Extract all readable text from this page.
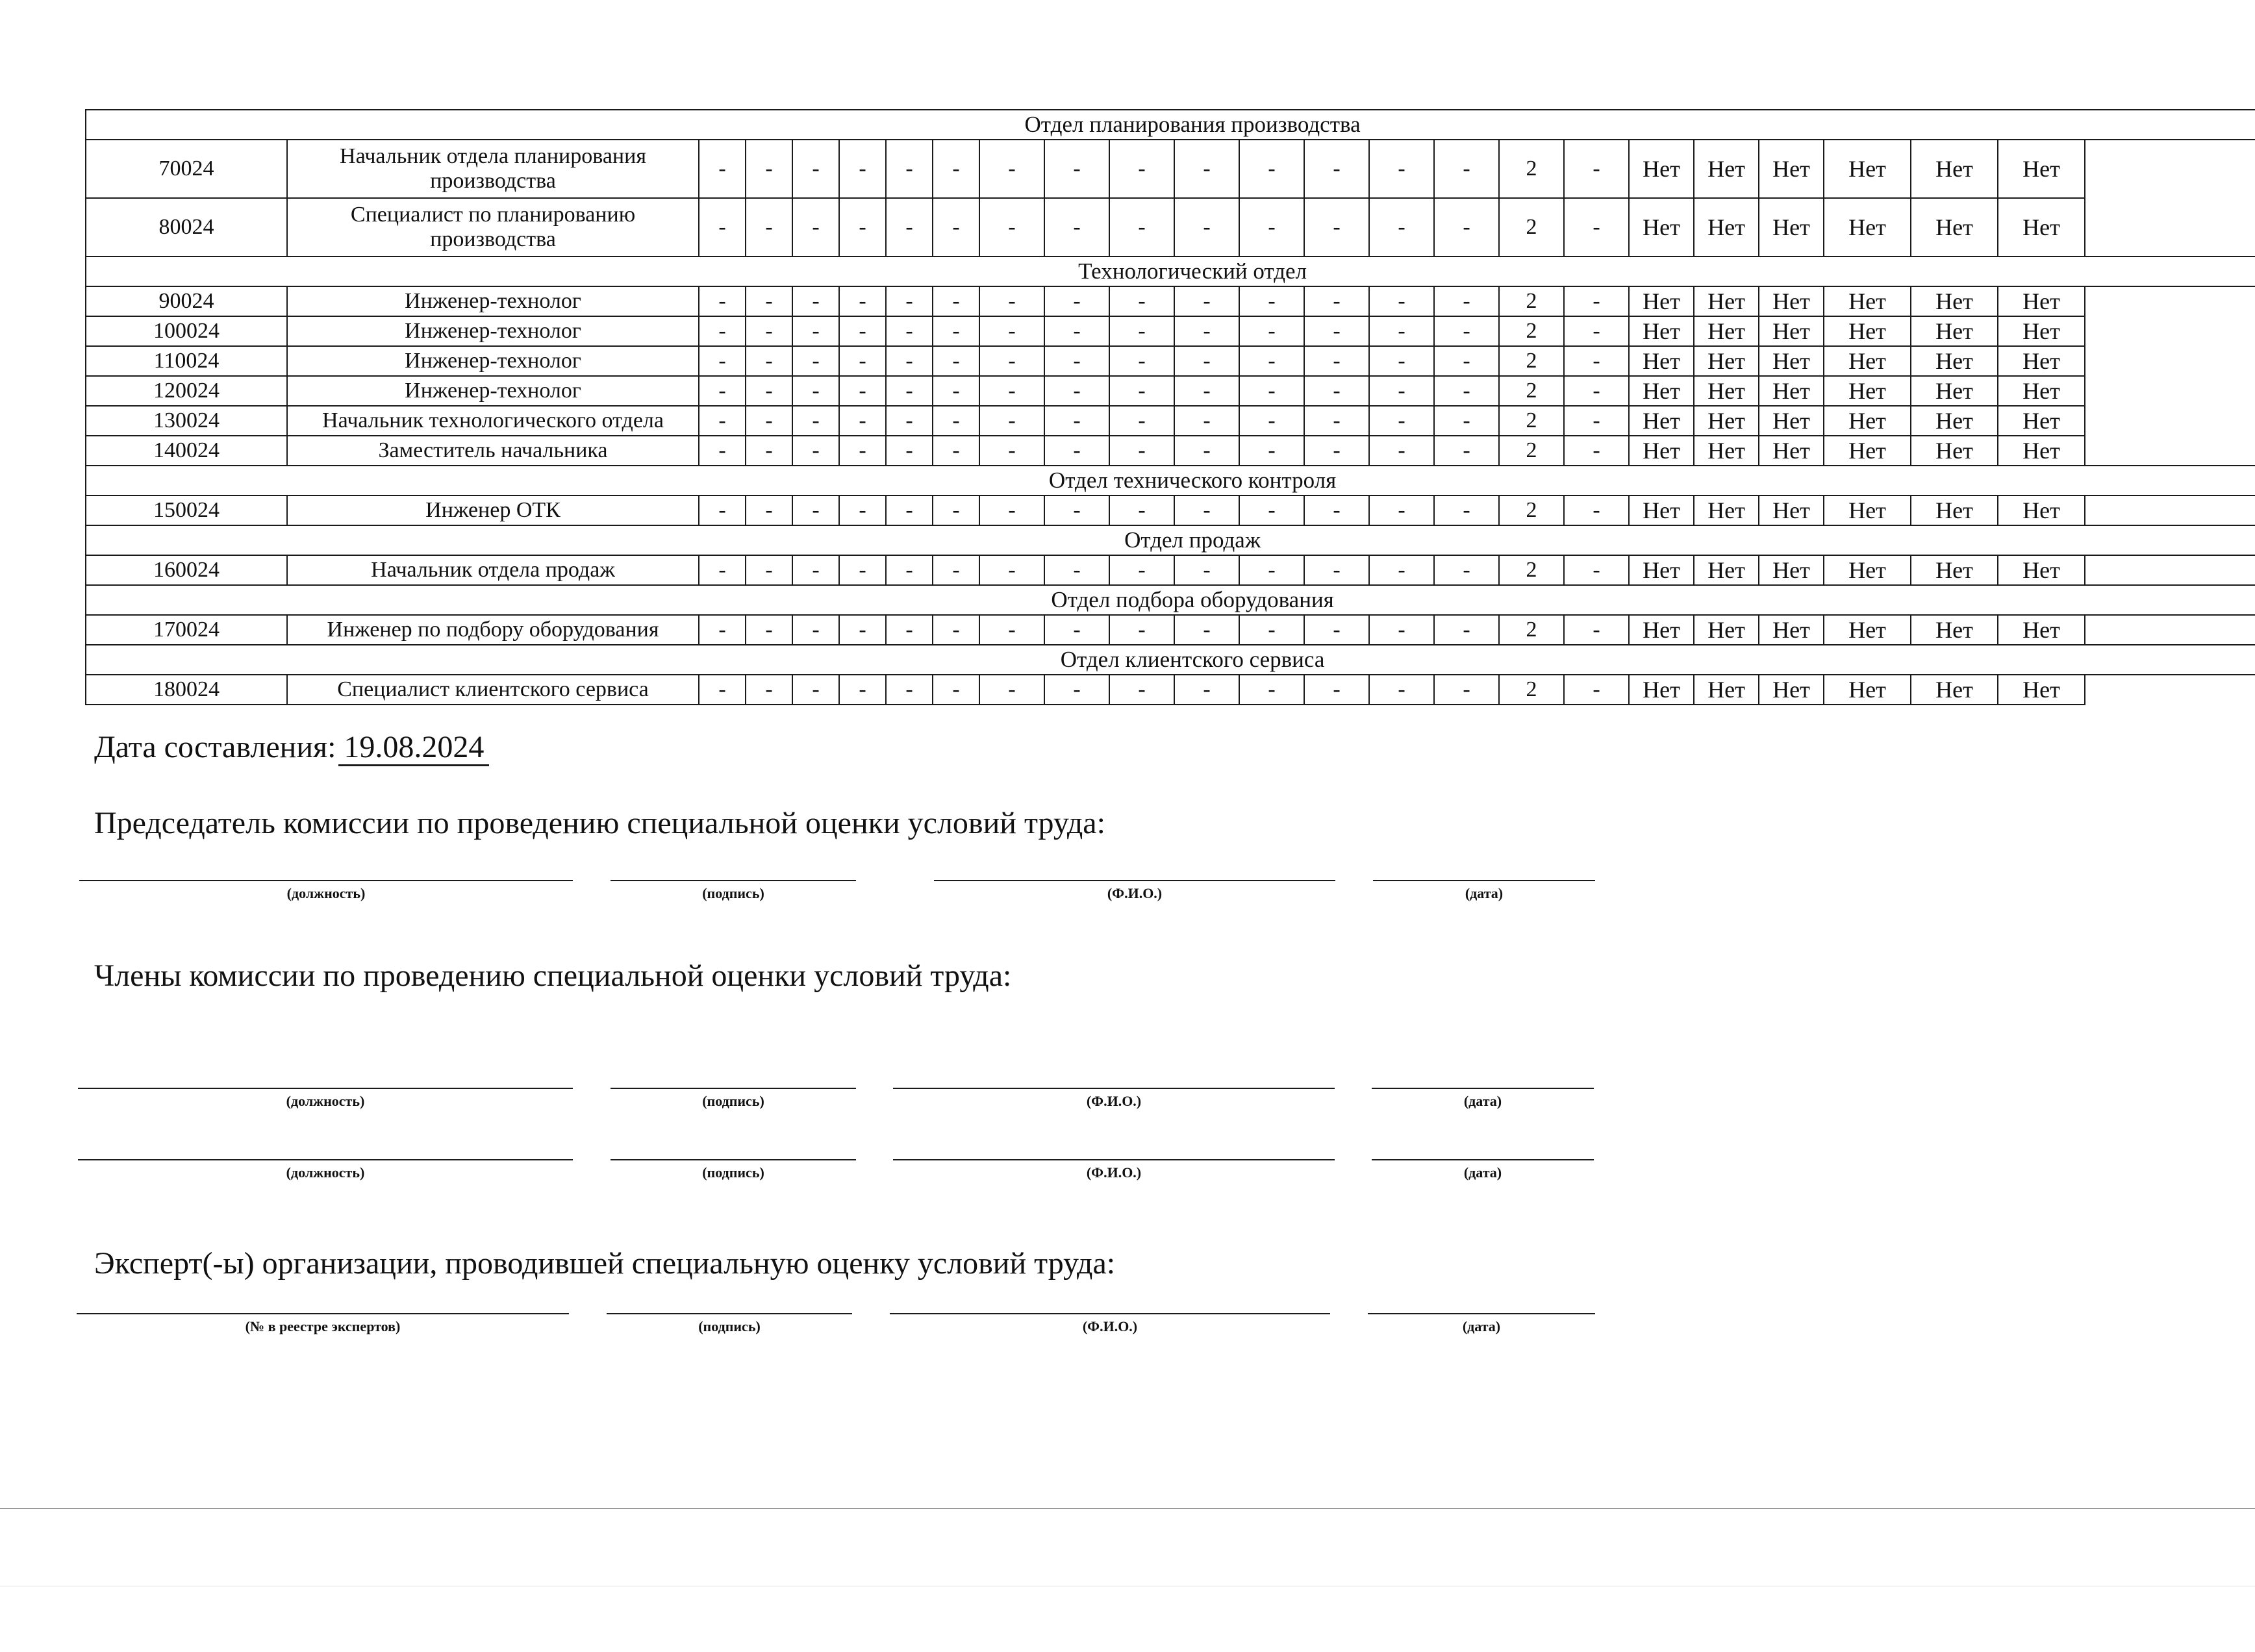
Отдел планирования производства																							
70024	Начальник отдела планирования производства	-	-	-	-	-	-	-	-	-	-	-	-	-	-	2	-	Нет	Нет	Нет	Нет	Нет	Нет
80024	Специалист по планированию производства	-	-	-	-	-	-	-	-	-	-	-	-	-	-	2	-	Нет	Нет	Нет	Нет	Нет	Нет
Технологический отдел																							
90024	Инженер-технолог	-	-	-	-	-	-	-	-	-	-	-	-	-	-	2	-	Нет	Нет	Нет	Нет	Нет	Нет
100024	Инженер-технолог	-	-	-	-	-	-	-	-	-	-	-	-	-	-	2	-	Нет	Нет	Нет	Нет	Нет	Нет
110024	Инженер-технолог	-	-	-	-	-	-	-	-	-	-	-	-	-	-	2	-	Нет	Нет	Нет	Нет	Нет	Нет
120024	Инженер-технолог	-	-	-	-	-	-	-	-	-	-	-	-	-	-	2	-	Нет	Нет	Нет	Нет	Нет	Нет
130024	Начальник технологического отдела	-	-	-	-	-	-	-	-	-	-	-	-	-	-	2	-	Нет	Нет	Нет	Нет	Нет	Нет
140024	Заместитель начальника	-	-	-	-	-	-	-	-	-	-	-	-	-	-	2	-	Нет	Нет	Нет	Нет	Нет	Нет
Отдел технического контроля																							
150024	Инженер ОТК	-	-	-	-	-	-	-	-	-	-	-	-	-	-	2	-	Нет	Нет	Нет	Нет	Нет	Нет
Отдел продаж																							
160024	Начальник отдела продаж	-	-	-	-	-	-	-	-	-	-	-	-	-	-	2	-	Нет	Нет	Нет	Нет	Нет	Нет
Отдел подбора оборудования																							
170024	Инженер по подбору оборудования	-	-	-	-	-	-	-	-	-	-	-	-	-	-	2	-	Нет	Нет	Нет	Нет	Нет	Нет
Отдел клиентского сервиса																							
180024	Специалист клиентского сервиса	-	-	-	-	-	-	-	-	-	-	-	-	-	-	2	-	Нет	Нет	Нет	Нет	Нет	Нет
Дата составления: 19.08.2024
Председатель комиссии по проведению специальной оценки условий труда:
(должность)	(подпись)	(Ф.И.О.)	(дата)
Члены комиссии по проведению специальной оценки условий труда:
(должность)	(подпись)	(Ф.И.О.)	(дата)
(должность)	(подпись)	(Ф.И.О.)	(дата)
Эксперт(-ы) организации, проводившей специальную оценку условий труда:
(№ в реестре экспертов)	(подпись)	(Ф.И.О.)	(дата)
